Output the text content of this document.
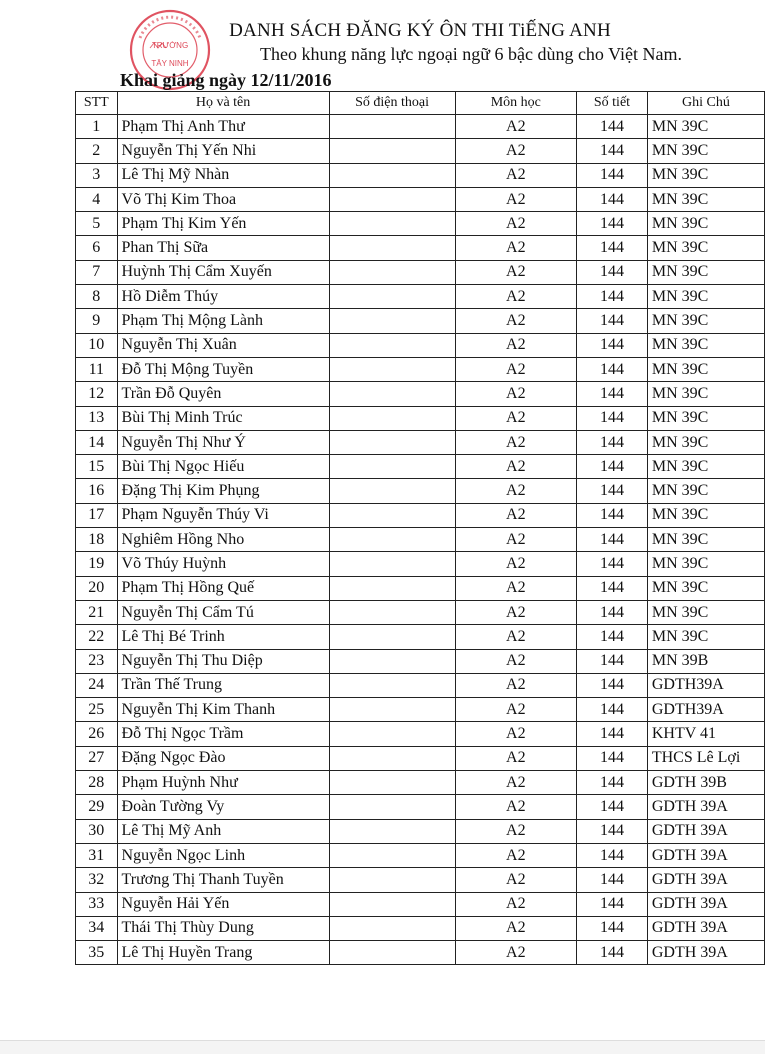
TRƯỜNG
TÂY NINH
DANH SÁCH ĐĂNG KÝ ÔN THI TiẾNG ANH
Theo khung năng lực ngoại ngữ 6 bậc dùng cho Việt Nam.
Khai giảng ngày 12/11/2016
STT	Họ và tên	Số điện thoại	Môn học	Số tiết	Ghi Chú
1	Phạm Thị Anh Thư		A2	144	MN 39C
2	Nguyễn Thị Yến Nhi		A2	144	MN 39C
3	Lê Thị Mỹ Nhàn		A2	144	MN 39C
4	Võ Thị Kim Thoa		A2	144	MN 39C
5	Phạm Thị Kim Yến		A2	144	MN 39C
6	Phan Thị Sữa		A2	144	MN 39C
7	Huỳnh Thị Cẩm Xuyến		A2	144	MN 39C
8	Hồ Diễm Thúy		A2	144	MN 39C
9	Phạm Thị Mộng Lành		A2	144	MN 39C
10	Nguyễn Thị Xuân		A2	144	MN 39C
11	Đỗ Thị Mộng Tuyền		A2	144	MN 39C
12	Trần Đỗ Quyên		A2	144	MN 39C
13	Bùi Thị Minh Trúc		A2	144	MN 39C
14	Nguyễn Thị Như Ý		A2	144	MN 39C
15	Bùi Thị Ngọc Hiếu		A2	144	MN 39C
16	Đặng Thị Kim Phụng		A2	144	MN 39C
17	Phạm Nguyễn Thúy Vi		A2	144	MN 39C
18	Nghiêm Hồng Nho		A2	144	MN 39C
19	Võ Thúy Huỳnh		A2	144	MN 39C
20	Phạm Thị Hồng Quế		A2	144	MN 39C
21	Nguyễn Thị Cẩm Tú		A2	144	MN 39C
22	Lê Thị Bé Trinh		A2	144	MN 39C
23	Nguyễn Thị Thu Diệp		A2	144	MN 39B
24	Trần Thế Trung		A2	144	GDTH39A
25	Nguyễn Thị Kim Thanh		A2	144	GDTH39A
26	Đỗ Thị Ngọc Trầm		A2	144	KHTV 41
27	Đặng Ngọc Đào		A2	144	THCS Lê Lợi
28	Phạm Huỳnh Như		A2	144	GDTH 39B
29	Đoàn Tường Vy		A2	144	GDTH 39A
30	Lê Thị Mỹ Anh		A2	144	GDTH 39A
31	Nguyễn Ngọc Linh		A2	144	GDTH 39A
32	Trương Thị Thanh Tuyền		A2	144	GDTH 39A
33	Nguyễn Hải Yến		A2	144	GDTH 39A
34	Thái Thị Thùy Dung		A2	144	GDTH 39A
35	Lê Thị Huyền Trang		A2	144	GDTH 39A
